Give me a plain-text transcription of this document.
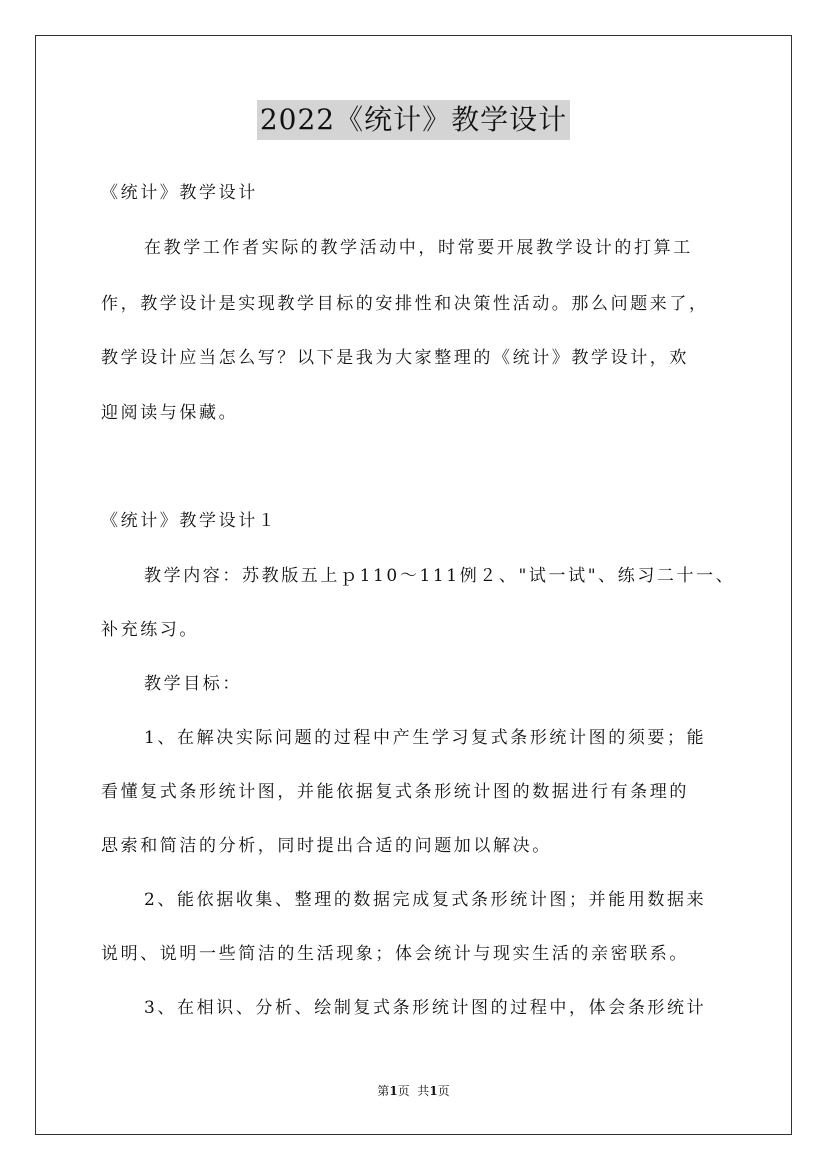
2022《统计》教学设计
《统计》教学设计
在教学工作者实际的教学活动中，时常要开展教学设计的打算工
作，教学设计是实现教学目标的安排性和决策性活动。那么问题来了，
教学设计应当怎么写？以下是我为大家整理的《统计》教学设计，欢
迎阅读与保藏。
《统计》教学设计１
教学内容：苏教版五上ｐ110～111例２、"试一试"、练习二十一、
补充练习。
教学目标：
1、在解决实际问题的过程中产生学习复式条形统计图的须要；能
看懂复式条形统计图，并能依据复式条形统计图的数据进行有条理的
思索和简洁的分析，同时提出合适的问题加以解决。
2、能依据收集、整理的数据完成复式条形统计图；并能用数据来
说明、说明一些简洁的生活现象；体会统计与现实生活的亲密联系。
3、在相识、分析、绘制复式条形统计图的过程中，体会条形统计
第1页  共1页
